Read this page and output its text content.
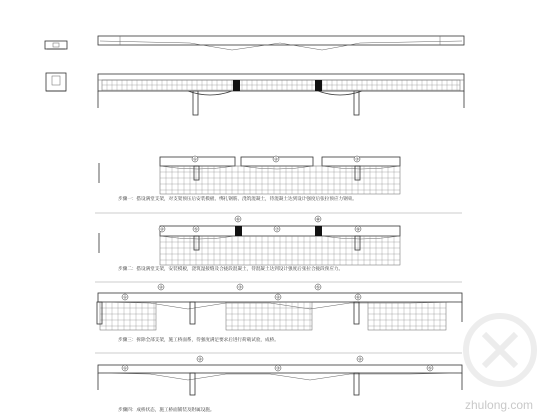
①	②	③
④	⑤
⑥
⑦
⑧
⑨
①
②	③
④
⑤
⑥
①
②
③
④
⑤
步骤一：搭设满堂支架，对支架预压后安装模板、绑扎钢筋、浇筑混凝土，待混凝土达到设计强度后张拉预应力钢束。
步骤二：搭设满堂支架，安装模板，浇筑湿接缝及合拢段混凝土，待混凝土达到设计强度后张拉合拢段预应力。
步骤三：拆除全部支架，施工桥面系，待强度满足要求后进行荷载试验，成桥。
步骤四：成桥状态，施工桥面铺装及附属设施。	zhulong.com
